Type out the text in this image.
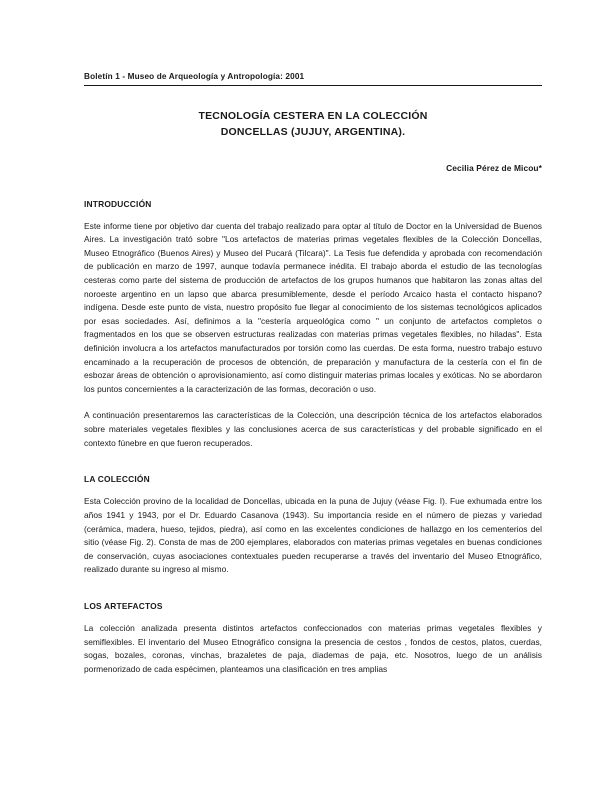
Boletín 1 - Museo de Arqueología y Antropología: 2001
TECNOLOGÍA CESTERA EN LA COLECCIÓN
DONCELLAS (JUJUY, ARGENTINA).
Cecilia Pérez de Micou*
INTRODUCCIÓN

Este informe tiene por objetivo dar cuenta del trabajo realizado para optar al título de Doctor en la Universidad de Buenos Aires. La investigación trató sobre "Los artefactos de materias primas vegetales flexibles de la Colección Doncellas, Museo Etnográfico (Buenos Aires) y Museo del Pucará (Tilcara)". La Tesis fue defendida y aprobada con recomendación de publicación en marzo de 1997, aunque todavía permanece inédita. El trabajo aborda el estudio de las tecnologías cesteras como parte del sistema de producción de artefactos de los grupos humanos que habitaron las zonas altas del noroeste argentino en un lapso que abarca presumiblemente, desde el período Arcaico hasta el contacto hispano?indígena. Desde este punto de vista, nuestro propósito fue llegar al conocimiento de los sistemas tecnológicos aplicados por esas sociedades. Así, definimos a la "cestería arqueológica como " un conjunto de artefactos completos o fragmentados en los que se observen estructuras realizadas con materias primas vegetales flexibles, no hiladas". Esta definición involucra a los artefactos manufacturados por torsión como las cuerdas. De esta forma, nuestro trabajo estuvo encaminado a la recuperación de procesos de obtención, de preparación y manufactura de la cestería con el fin de esbozar áreas de obtención o aprovisionamiento, así como distinguir materias primas locales y exóticas. No se abordaron los puntos concernientes a la caracterización de las formas, decoración o uso.

A continuación presentaremos las características de la Colección, una descripción técnica de los artefactos elaborados sobre materiales vegetales flexibles y las conclusiones acerca de sus características y del probable significado en el contexto fúnebre en que fueron recuperados.

LA COLECCIÓN

Esta Colección provino de la localidad de Doncellas, ubicada en la puna de Jujuy (véase Fig. I). Fue exhumada entre los años 1941 y 1943, por el Dr. Eduardo Casanova (1943). Su importancia reside en el número de piezas y variedad (cerámica, madera, hueso, tejidos, piedra), así como en las excelentes condiciones de hallazgo en los cementerios del sitio (véase Fig. 2). Consta de mas de 200 ejemplares, elaborados con materias primas vegetales en buenas condiciones de conservación, cuyas asociaciones contextuales pueden recuperarse a través del inventario del Museo Etnográfico, realizado durante su ingreso al mismo.

LOS ARTEFACTOS

La colección analizada presenta distintos artefactos confeccionados con materias primas vegetales flexibles y semiflexibles. El inventario del Museo Etnográfico consigna la presencia de cestos , fondos de cestos, platos, cuerdas, sogas, bozales, coronas, vinchas, brazaletes de paja, diademas de paja, etc. Nosotros, luego de un análisis pormenorizado de cada espécimen, planteamos una clasificación en tres amplias
